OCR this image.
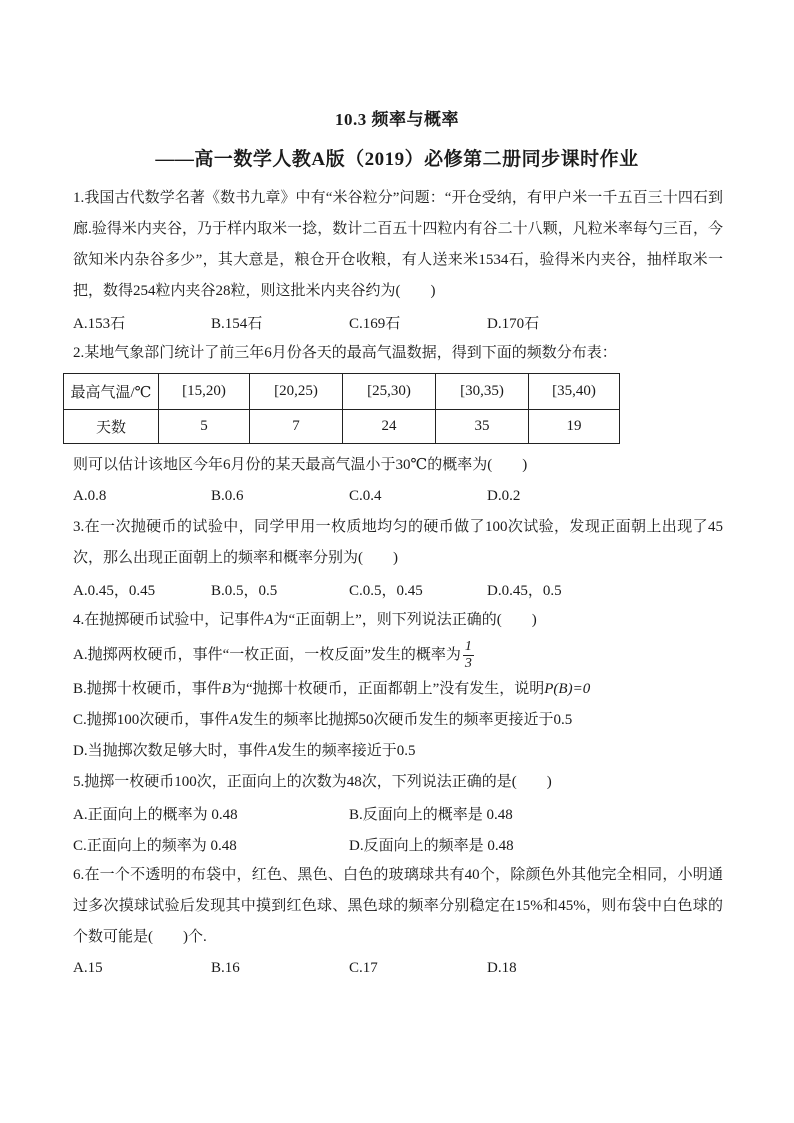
10.3 频率与概率
——高一数学人教A版（2019）必修第二册同步课时作业

1.我国古代数学名著《数书九章》中有“米谷粒分”问题：“开仓受纳，有甲户米一千五百三十四石到廊.验得米内夹谷，乃于样内取米一捻，数计二百五十四粒内有谷二十八颗，凡粒米率每勺三百，今欲知米内杂谷多少”，其大意是，粮仓开仓收粮，有人送来米1534石，验得米内夹谷，抽样取米一把，数得254粒内夹谷28粒，则这批米内夹谷约为(　　)

A.153石	B.154石	C.169石	D.170石

2.某地气象部门统计了前三年6月份各天的最高气温数据，得到下面的频数分布表：

最高气温/℃	[15,20)	[20,25)	[25,30)	[30,35)	[35,40)
天数	5	7	24	35	19

则可以估计该地区今年6月份的某天最高气温小于30℃的概率为(　　)

A.0.8	B.0.6	C.0.4	D.0.2

3.在一次抛硬币的试验中，同学甲用一枚质地均匀的硬币做了100次试验，发现正面朝上出现了45次，那么出现正面朝上的频率和概率分别为(　　)

A.0.45，0.45	B.0.5，0.5	C.0.5，0.45	D.0.45，0.5

4.在抛掷硬币试验中，记事件A为“正面朝上”，则下列说法正确的(　　)

A.抛掷两枚硬币，事件“一枚正面，一枚反面”发生的概率为 $\frac{1}{3}$

B.抛掷十枚硬币，事件B为“抛掷十枚硬币，正面都朝上”没有发生，说明P(B)=0

C.抛掷100次硬币，事件A发生的频率比抛掷50次硬币发生的频率更接近于0.5

D.当抛掷次数足够大时，事件A发生的频率接近于0.5

5.抛掷一枚硬币100次，正面向上的次数为48次，下列说法正确的是(　　)

A.正面向上的概率为 0.48	B.反面向上的概率是 0.48
C.正面向上的频率为 0.48	D.反面向上的频率是 0.48

6.在一个不透明的布袋中，红色、黑色、白色的玻璃球共有40个，除颜色外其他完全相同，小明通过多次摸球试验后发现其中摸到红色球、黑色球的频率分别稳定在15%和45%，则布袋中白色球的个数可能是(　　)个.

A.15	B.16	C.17	D.18
